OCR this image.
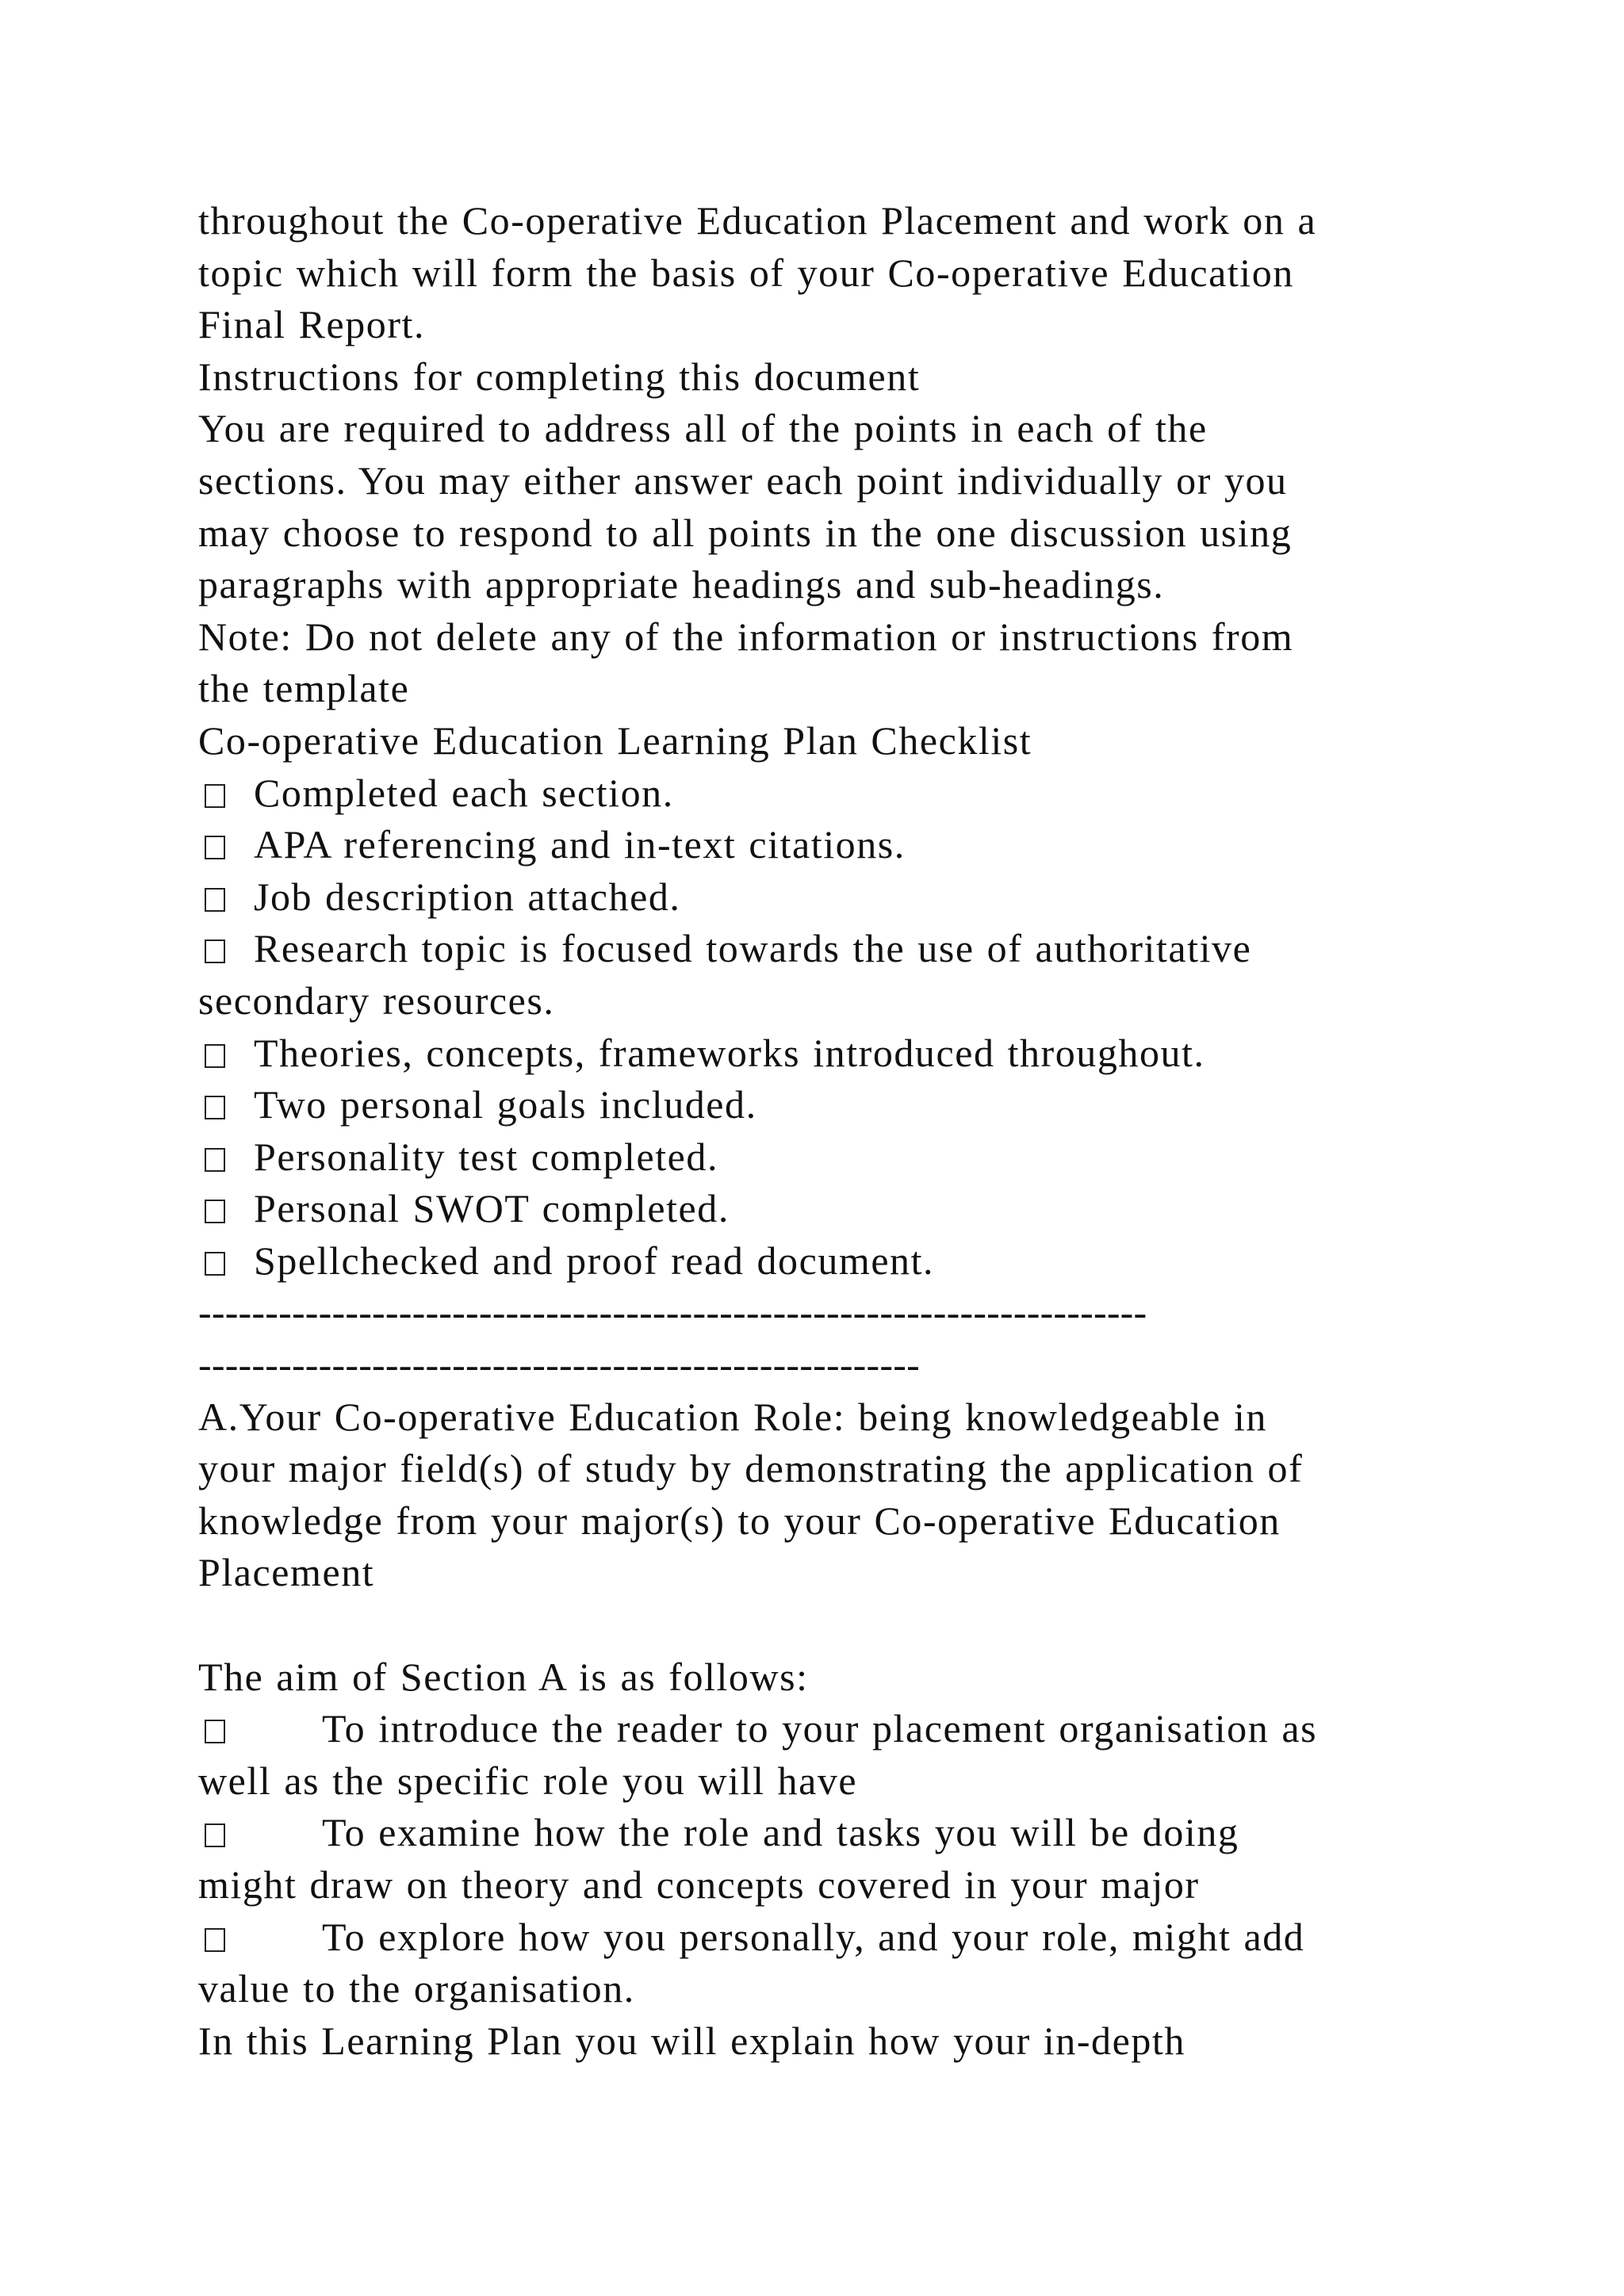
throughout the Co-operative Education Placement and work on a
topic which will form the basis of your Co-operative Education
Final Report.
Instructions for completing this document
You are required to address all of the points in each of the
sections. You may either answer each point individually or you
may choose to respond to all points in the one discussion using
paragraphs with appropriate headings and sub-headings.
Note: Do not delete any of the information or instructions from
the template
Co-operative Education Learning Plan Checklist
Completed each section.
APA referencing and in-text citations.
Job description attached.
Research topic is focused towards the use of authoritative
secondary resources.
Theories, concepts, frameworks introduced throughout.
Two personal goals included.
Personality test completed.
Personal SWOT completed.
Spellchecked and proof read document.
-----------------------------------------------------------------------
------------------------------------------------------
A.Your Co-operative Education Role: being knowledgeable in
your major field(s) of study by demonstrating the application of
knowledge from your major(s) to your Co-operative Education
Placement
The aim of Section A is as follows:
To introduce the reader to your placement organisation as
well as the specific role you will have
To examine how the role and tasks you will be doing
might draw on theory and concepts covered in your major
To explore how you personally, and your role, might add
value to the organisation.
In this Learning Plan you will explain how your in-depth
